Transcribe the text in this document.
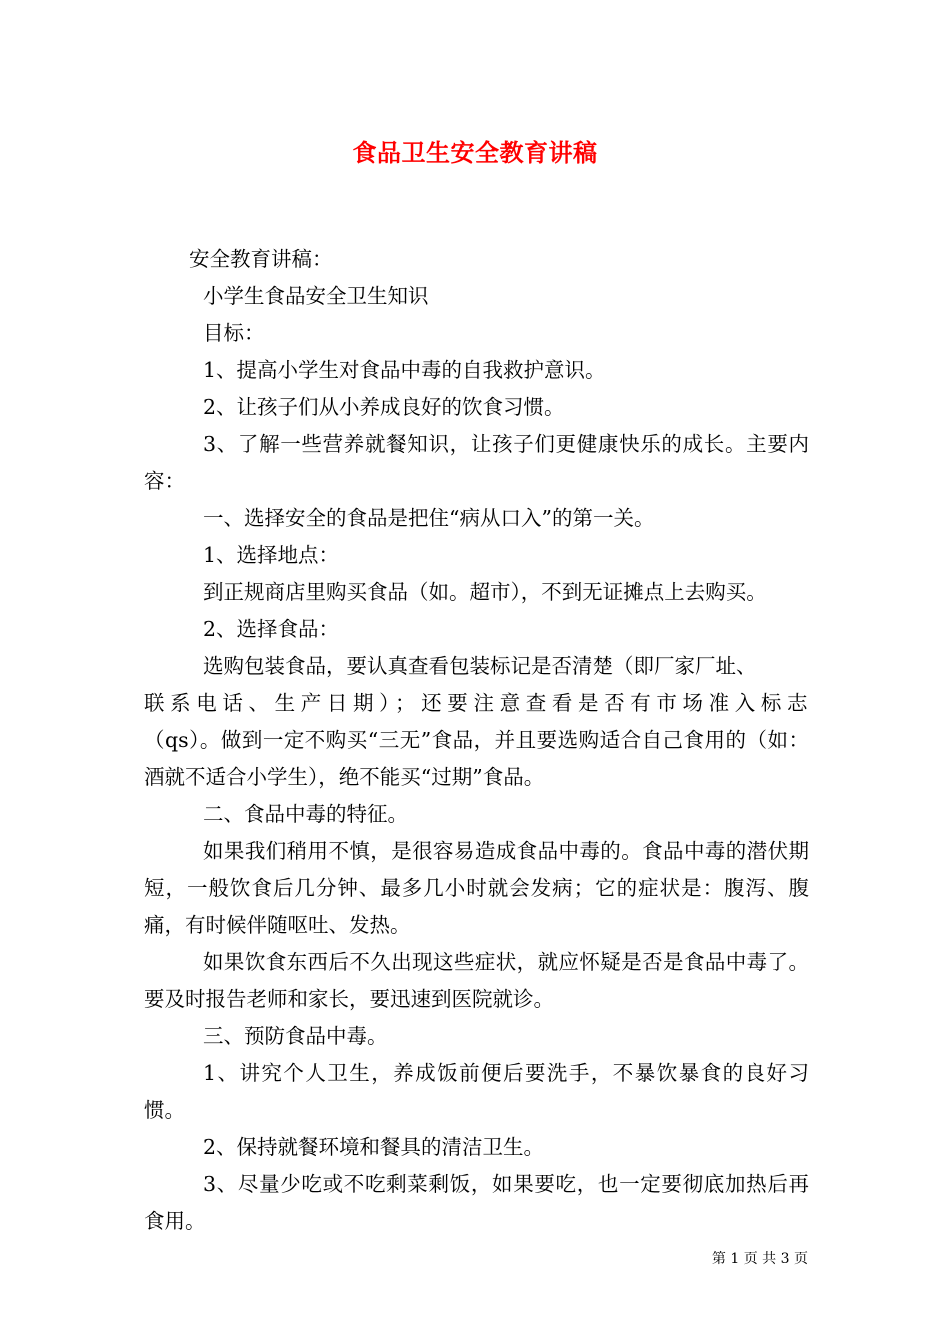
食品卫生安全教育讲稿

安全教育讲稿：

小学生食品安全卫生知识

目标：

1、提高小学生对食品中毒的自我救护意识。

2、让孩子们从小养成良好的饮食习惯。

3、了解一些营养就餐知识，让孩子们更健康快乐的成长。主要内容：

一、选择安全的食品是把住“病从口入”的第一关。

1、选择地点：

到正规商店里购买食品（如。超市），不到无证摊点上去购买。

2、选择食品：

选购包装食品，要认真查看包装标记是否清楚（即厂家厂址、

联系电话、生产日期）；还要注意查看是否有市场准入标志

（qs）。做到一定不购买“三无”食品，并且要选购适合自己食用的（如：酒就不适合小学生），绝不能买“过期”食品。

二、食品中毒的特征。

如果我们稍用不慎，是很容易造成食品中毒的。食品中毒的潜伏期短，一般饮食后几分钟、最多几小时就会发病；它的症状是：腹泻、腹痛，有时候伴随呕吐、发热。

如果饮食东西后不久出现这些症状，就应怀疑是否是食品中毒了。要及时报告老师和家长，要迅速到医院就诊。

三、预防食品中毒。

1、讲究个人卫生，养成饭前便后要洗手，不暴饮暴食的良好习惯。

2、保持就餐环境和餐具的清洁卫生。

3、尽量少吃或不吃剩菜剩饭，如果要吃，也一定要彻底加热后再食用。

第 1 页 共 3 页
